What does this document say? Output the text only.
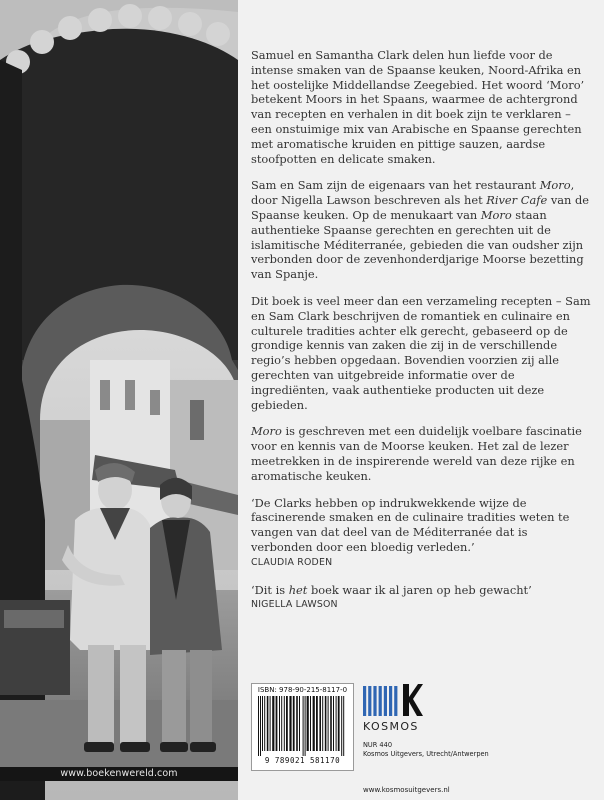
www.boekenwereld.com

Samuel en Samantha Clark delen hun liefde voor de intense smaken van de Spaanse keuken, Noord-Afrika en het oostelijke Middellandse Zeegebied. Het woord ‘Moro’ betekent Moors in het Spaans, waarmee de achtergrond van recepten en verhalen in dit boek zijn te verklaren – een onstuimige mix van Arabische en Spaanse gerechten met aromatische kruiden en pittige sauzen, aardse stoofpotten en delicate smaken.

Sam en Sam zijn de eigenaars van het restaurant Moro, door Nigella Lawson beschreven als het River Cafe van de Spaanse keuken. Op de menukaart van Moro staan authentieke Spaanse gerechten en gerechten uit de islamitische Méditerranée, gebieden die van oudsher zijn verbonden door de zevenhonderdjarige Moorse bezetting van Spanje.

Dit boek is veel meer dan een verzameling recepten – Sam en Sam Clark beschrijven de romantiek en culinaire en culturele tradities achter elk gerecht, gebaseerd op de grondige kennis van zaken die zij in de verschillende regio’s hebben opgedaan. Bovendien voorzien zij alle gerechten van uitgebreide informatie over de ingrediënten, vaak authentieke producten uit deze gebieden.

Moro is geschreven met een duidelijk voelbare fascinatie voor en kennis van de Moorse keuken. Het zal de lezer meetrekken in de inspirerende wereld van deze rijke en aromatische keuken.

‘De Clarks hebben op indrukwekkende wijze de fascinerende smaken en de culinaire tradities weten te vangen van dat deel van de Méditerranée dat is verbonden door een bloedig verleden.’
CLAUDIA RODEN

‘Dit is het boek waar ik al jaren op heb gewacht’
NIGELLA LAWSON

ISBN: 978-90-215-8117-0
9 789021 581170
KOSMOS
NUR 440
Kosmos Uitgevers, Utrecht/Antwerpen
www.kosmosuitgevers.nl
